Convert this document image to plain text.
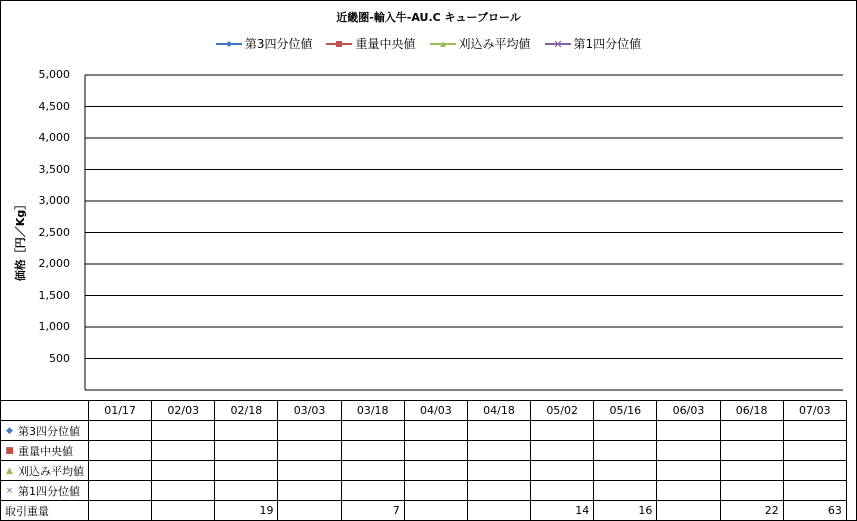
近畿圏-輸入牛-AU.C キューブロール
第3四分位値	重量中央値	刈込み平均値	第1四分位値
価格［円／Kg］
5,000
4,500
4,000
3,500
3,000
2,500
2,000
1,500
1,000
500
	01/17	02/03	02/18	03/03	03/18	04/03	04/18	05/02	05/16	06/03	06/18	07/03

◆ 第3四分位値												

■ 重量中央値												

▲ 刈込み平均値												

× 第1四分位値												

取引重量			19		7			14	16		22	63
